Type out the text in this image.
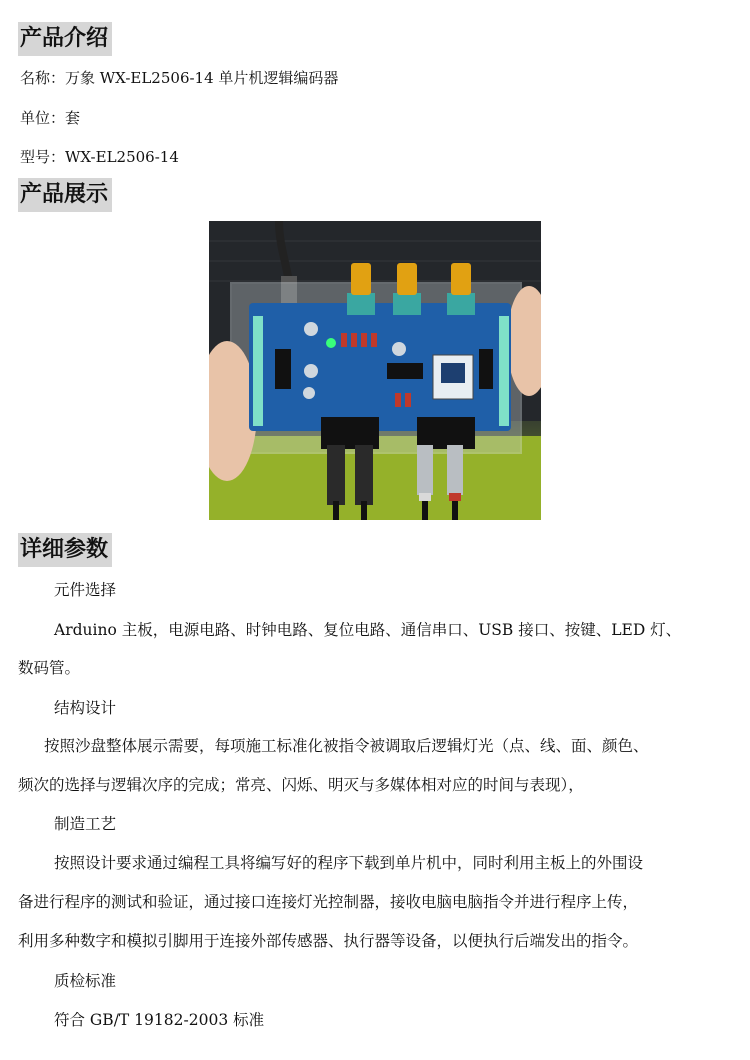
产品介绍
名称：万象 WX-EL2506-14 单片机逻辑编码器
单位：套
型号：WX-EL2506-14
产品展示
详细参数
元件选择
Arduino 主板，电源电路、时钟电路、复位电路、通信串口、USB 接口、按键、LED 灯、
数码管。
结构设计
按照沙盘整体展示需要，每项施工标准化被指令被调取后逻辑灯光（点、线、面、颜色、
频次的选择与逻辑次序的完成；常亮、闪烁、明灭与多媒体相对应的时间与表现），
制造工艺
按照设计要求通过编程工具将编写好的程序下载到单片机中，同时利用主板上的外围设
备进行程序的测试和验证，通过接口连接灯光控制器，接收电脑电脑指令并进行程序上传，
利用多种数字和模拟引脚用于连接外部传感器、执行器等设备，以便执行后端发出的指令。
质检标准
符合 GB/T 19182-2003 标准
